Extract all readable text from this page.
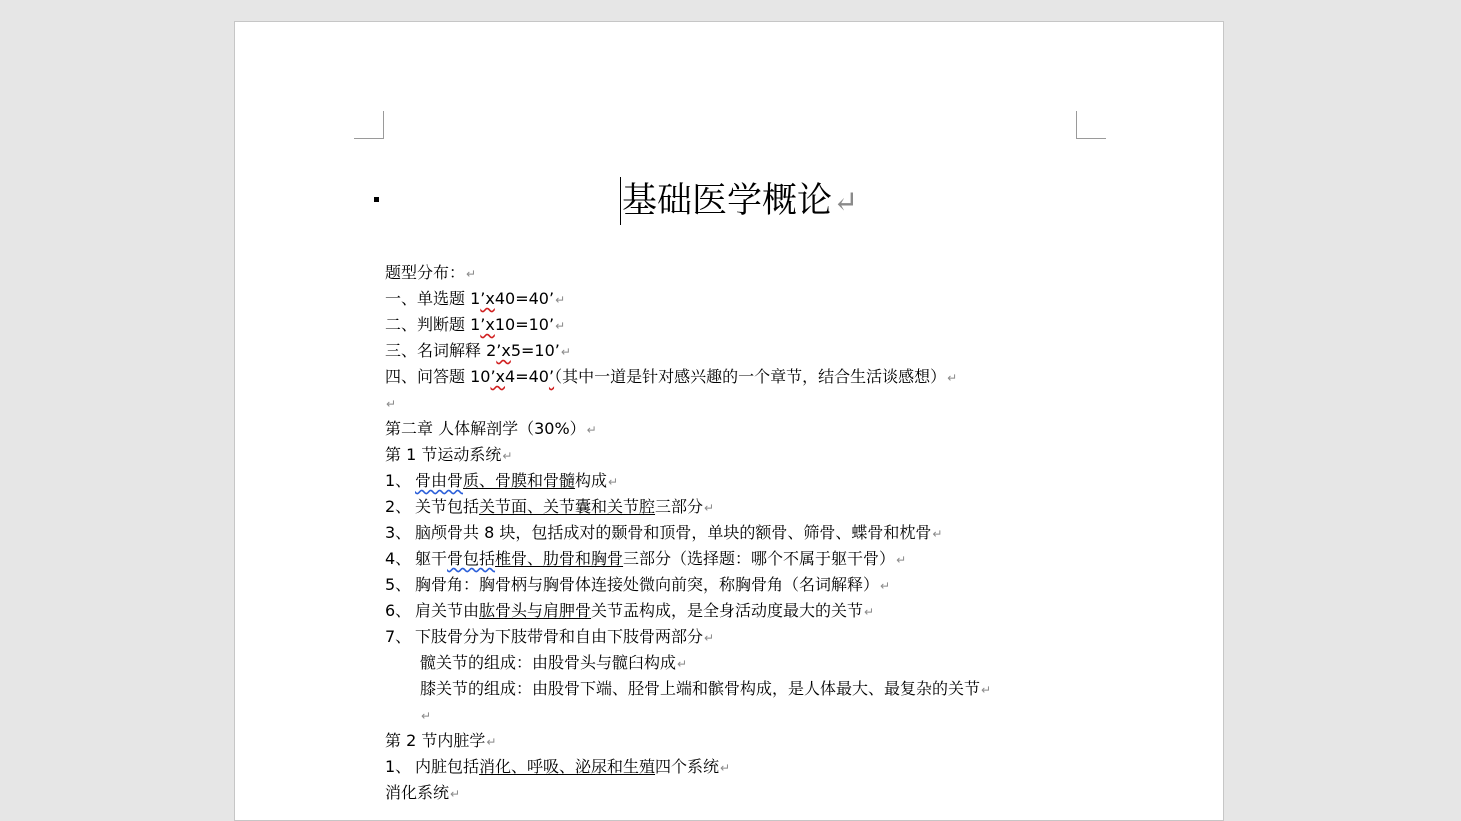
基础医学概论↵
题型分布：↵
一、单选题 1’x40=40’↵
二、判断题 1’x10=10’↵
三、名词解释 2’x5=10’↵
四、问答题 10’x4=40’（其中一道是针对感兴趣的一个章节，结合生活谈感想）↵
↵
第二章 人体解剖学（30%）↵
第 1 节运动系统↵
1、 骨由骨质、骨膜和骨髓构成↵
2、 关节包括关节面、关节囊和关节腔三部分↵
3、 脑颅骨共 8 块，包括成对的颞骨和顶骨，单块的额骨、筛骨、蝶骨和枕骨↵
4、 躯干骨包括椎骨、肋骨和胸骨三部分（选择题：哪个不属于躯干骨）↵
5、 胸骨角：胸骨柄与胸骨体连接处微向前突，称胸骨角（名词解释）↵
6、 肩关节由肱骨头与肩胛骨关节盂构成，是全身活动度最大的关节↵
7、 下肢骨分为下肢带骨和自由下肢骨两部分↵
髋关节的组成：由股骨头与髋臼构成↵
膝关节的组成：由股骨下端、胫骨上端和髌骨构成，是人体最大、最复杂的关节↵
↵
第 2 节内脏学↵
1、 内脏包括消化、呼吸、泌尿和生殖四个系统↵
消化系统↵
